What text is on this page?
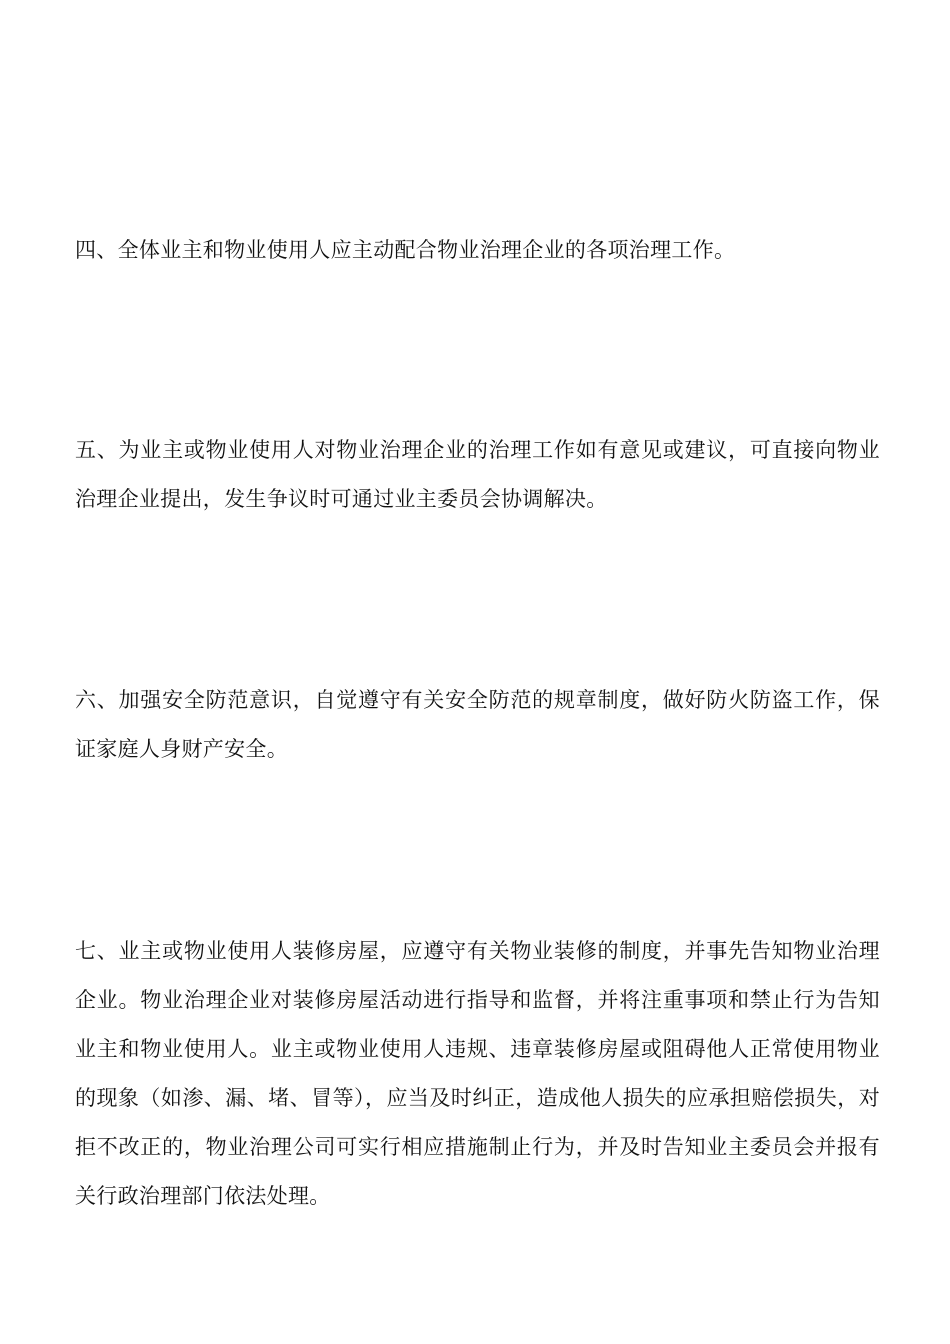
四、全体业主和物业使用人应主动配合物业治理企业的各项治理工作。

五、为业主或物业使用人对物业治理企业的治理工作如有意见或建议，可直接向物业治理企业提出，发生争议时可通过业主委员会协调解决。

六、加强安全防范意识，自觉遵守有关安全防范的规章制度，做好防火防盗工作，保证家庭人身财产安全。

七、业主或物业使用人装修房屋，应遵守有关物业装修的制度，并事先告知物业治理企业。物业治理企业对装修房屋活动进行指导和监督，并将注重事项和禁止行为告知业主和物业使用人。业主或物业使用人违规、违章装修房屋或阻碍他人正常使用物业的现象（如渗、漏、堵、冒等），应当及时纠正，造成他人损失的应承担赔偿损失，对拒不改正的，物业治理公司可实行相应措施制止行为，并及时告知业主委员会并报有关行政治理部门依法处理。
